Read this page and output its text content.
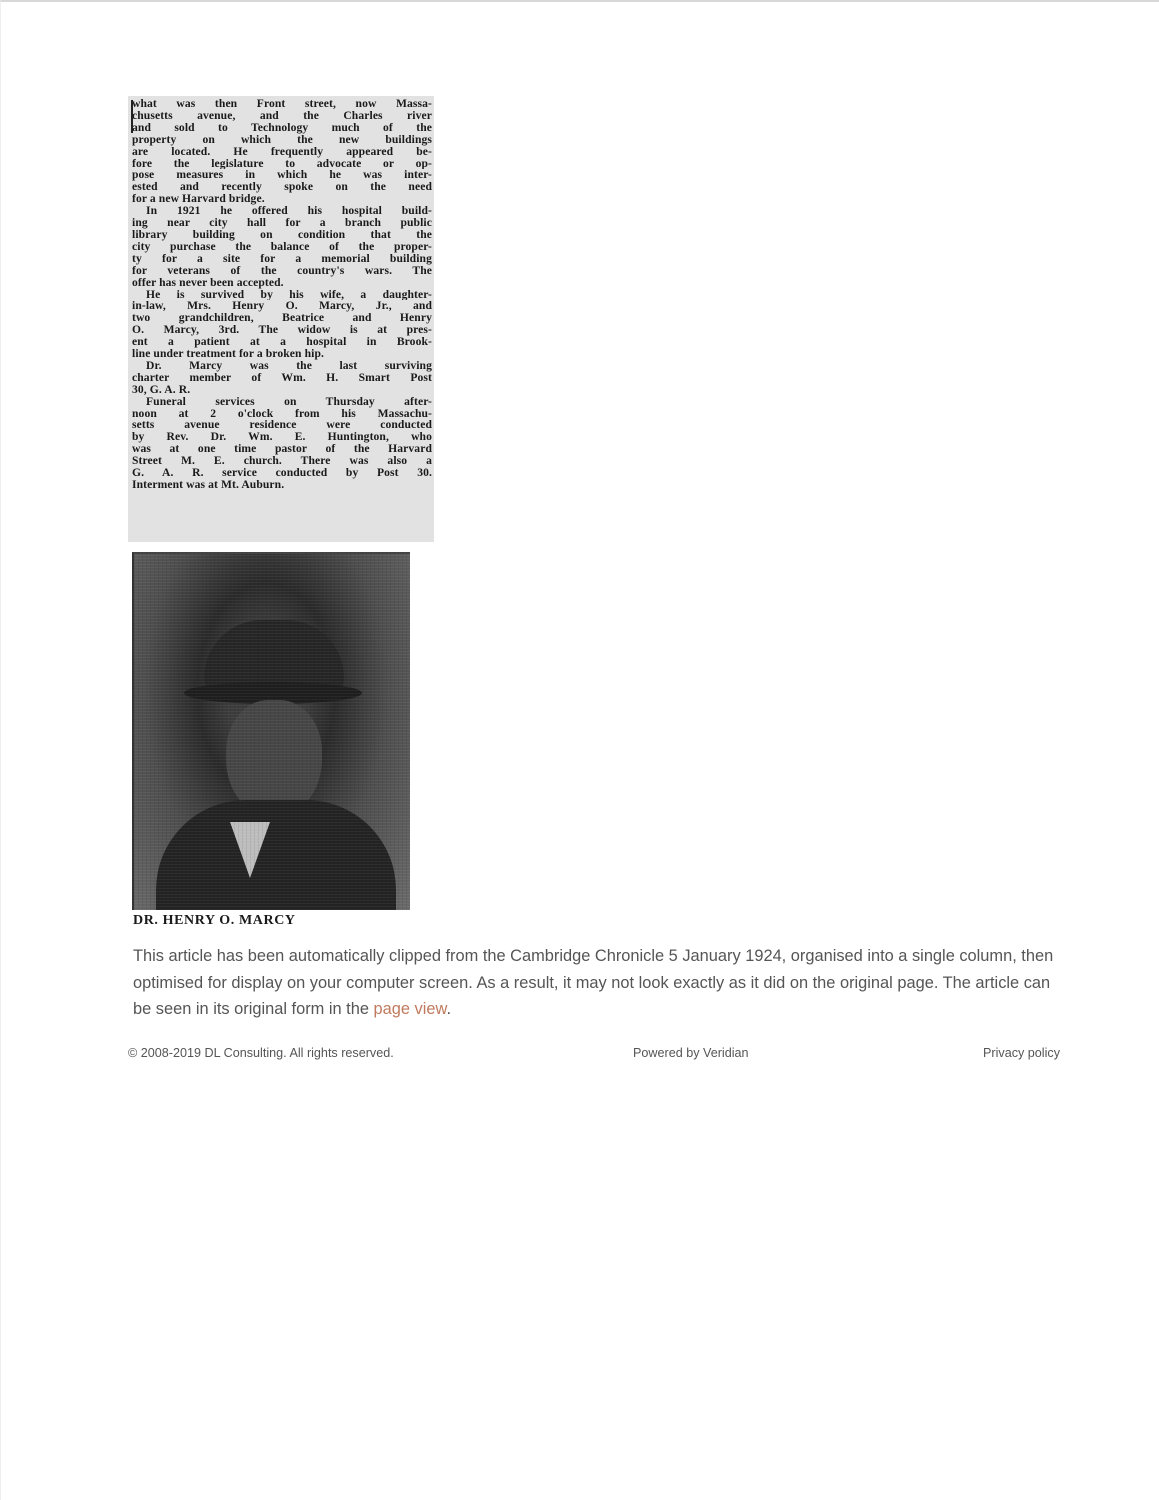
what was then Front street, now Massa-
chusetts avenue, and the Charles river
and sold to Technology much of the
property on which the new buildings
are located. He frequently appeared be-
fore the legislature to advocate or op-
pose measures in which he was inter-
ested and recently spoke on the need
for a new Harvard bridge.
In 1921 he offered his hospital build-
ing near city hall for a branch public
library building on condition that the
city purchase the balance of the proper-
ty for a site for a memorial building
for veterans of the country's wars. The
offer has never been accepted.
He is survived by his wife, a daughter-
in-law, Mrs. Henry O. Marcy, Jr., and
two grandchildren, Beatrice and Henry
O. Marcy, 3rd. The widow is at pres-
ent a patient at a hospital in Brook-
line under treatment for a broken hip.
Dr. Marcy was the last surviving
charter member of Wm. H. Smart Post
30, G. A. R.
Funeral services on Thursday after-
noon at 2 o'clock from his Massachu-
setts avenue residence were conducted
by Rev. Dr. Wm. E. Huntington, who
was at one time pastor of the Harvard
Street M. E. church. There was also a
G. A. R. service conducted by Post 30.
Interment was at Mt. Auburn.
DR. HENRY O. MARCY
This article has been automatically clipped from the Cambridge Chronicle 5 January 1924, organised into a single column, then optimised for display on your computer screen. As a result, it may not look exactly as it did on the original page. The article can be seen in its original form in the page view.
© 2008-2019 DL Consulting. All rights reserved.	Powered by Veridian	Privacy policy
